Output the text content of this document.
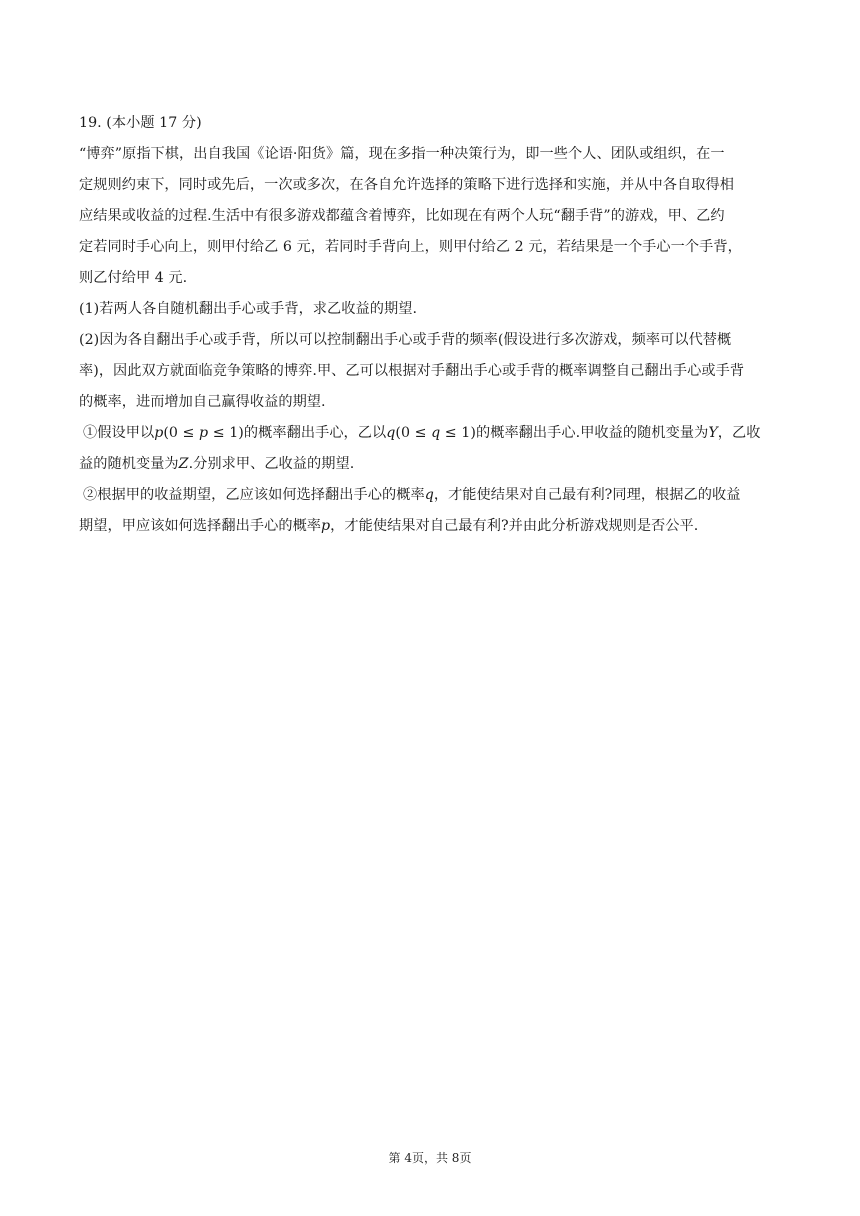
19. (本小题 17 分)
“博弈”原指下棋，出自我国《论语·阳货》篇，现在多指一种决策行为，即一些个人、团队或组织，在一
定规则约束下，同时或先后，一次或多次，在各自允许选择的策略下进行选择和实施，并从中各自取得相
应结果或收益的过程.生活中有很多游戏都蕴含着博弈，比如现在有两个人玩“翻手背”的游戏，甲、乙约
定若同时手心向上，则甲付给乙 6 元，若同时手背向上，则甲付给乙 2 元，若结果是一个手心一个手背，
则乙付给甲 4 元.
(1)若两人各自随机翻出手心或手背，求乙收益的期望.
(2)因为各自翻出手心或手背，所以可以控制翻出手心或手背的频率(假设进行多次游戏，频率可以代替概
率)，因此双方就面临竞争策略的博弈.甲、乙可以根据对手翻出手心或手背的概率调整自己翻出手心或手背
的概率，进而增加自己赢得收益的期望.
①假设甲以𝑝(0 ≤ 𝑝 ≤ 1)的概率翻出手心，乙以𝑞(0 ≤ 𝑞 ≤ 1)的概率翻出手心.甲收益的随机变量为𝑌，乙收
益的随机变量为𝑍.分别求甲、乙收益的期望.
②根据甲的收益期望，乙应该如何选择翻出手心的概率𝑞，才能使结果对自己最有利?同理，根据乙的收益
期望，甲应该如何选择翻出手心的概率𝑝，才能使结果对自己最有利?并由此分析游戏规则是否公平.
第 4页，共 8页
